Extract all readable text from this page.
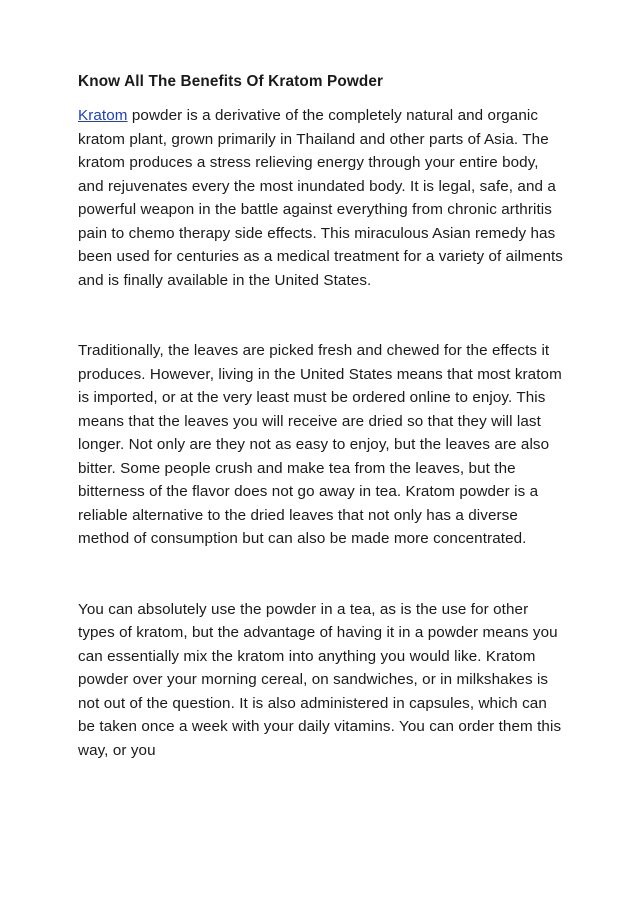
Know All The Benefits Of Kratom Powder

Kratom powder is a derivative of the completely natural and organic kratom plant, grown primarily in Thailand and other parts of Asia. The kratom produces a stress relieving energy through your entire body, and rejuvenates every the most inundated body. It is legal, safe, and a powerful weapon in the battle against everything from chronic arthritis pain to chemo therapy side effects. This miraculous Asian remedy has been used for centuries as a medical treatment for a variety of ailments and is finally available in the United States.

Traditionally, the leaves are picked fresh and chewed for the effects it produces. However, living in the United States means that most kratom is imported, or at the very least must be ordered online to enjoy. This means that the leaves you will receive are dried so that they will last longer. Not only are they not as easy to enjoy, but the leaves are also bitter. Some people crush and make tea from the leaves, but the bitterness of the flavor does not go away in tea. Kratom powder is a reliable alternative to the dried leaves that not only has a diverse method of consumption but can also be made more concentrated.

You can absolutely use the powder in a tea, as is the use for other types of kratom, but the advantage of having it in a powder means you can essentially mix the kratom into anything you would like. Kratom powder over your morning cereal, on sandwiches, or in milkshakes is not out of the question. It is also administered in capsules, which can be taken once a week with your daily vitamins. You can order them this way, or you
